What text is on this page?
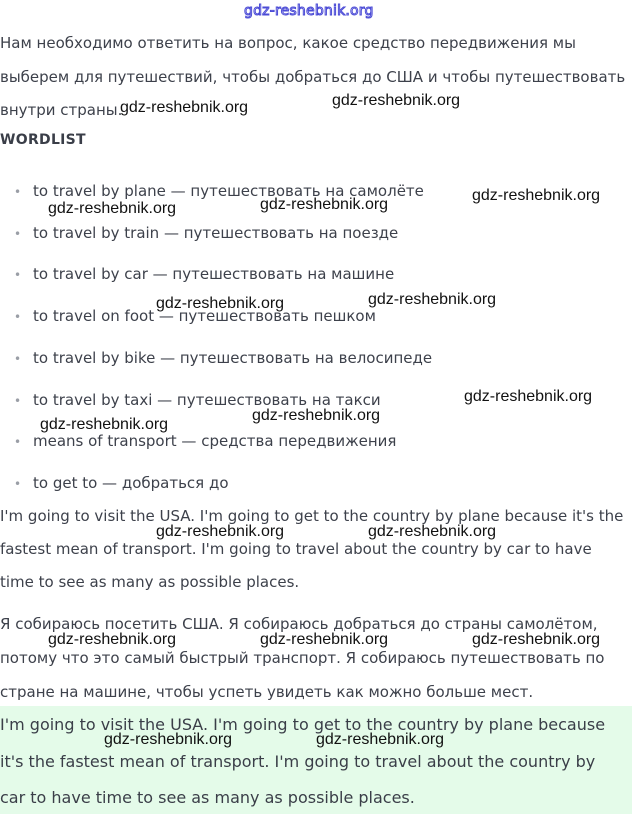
gdz-reshebnik.org
Нам необходимо ответить на вопрос, какое средство передвижения мы
выберем для путешествий, чтобы добраться до США и чтобы путешествовать
внутри страны.
WORDLIST
• to travel by plane — путешествовать на самолёте
• to travel by train — путешествовать на поезде
• to travel by car — путешествовать на машине
• to travel on foot — путешествовать пешком
• to travel by bike — путешествовать на велосипеде
• to travel by taxi — путешествовать на такси
• means of transport — средства передвижения
• to get to — добраться до
I'm going to visit the USA. I'm going to get to the country by plane because it's the
fastest mean of transport. I'm going to travel about the country by car to have
time to see as many as possible places.
Я собираюсь посетить США. Я собираюсь добраться до страны самолётом,
потому что это самый быстрый транспорт. Я собираюсь путешествовать по
стране на машине, чтобы успеть увидеть как можно больше мест.
I'm going to visit the USA. I'm going to get to the country by plane because
it's the fastest mean of transport. I'm going to travel about the country by
car to have time to see as many as possible places.
gdz-reshebnik.org	gdz-reshebnik.org
gdz-reshebnik.org
gdz-reshebnik.org	gdz-reshebnik.org
gdz-reshebnik.org	gdz-reshebnik.org
gdz-reshebnik.org
gdz-reshebnik.org
gdz-reshebnik.org
gdz-reshebnik.org	gdz-reshebnik.org
gdz-reshebnik.org	gdz-reshebnik.org	gdz-reshebnik.org
gdz-reshebnik.org	gdz-reshebnik.org
